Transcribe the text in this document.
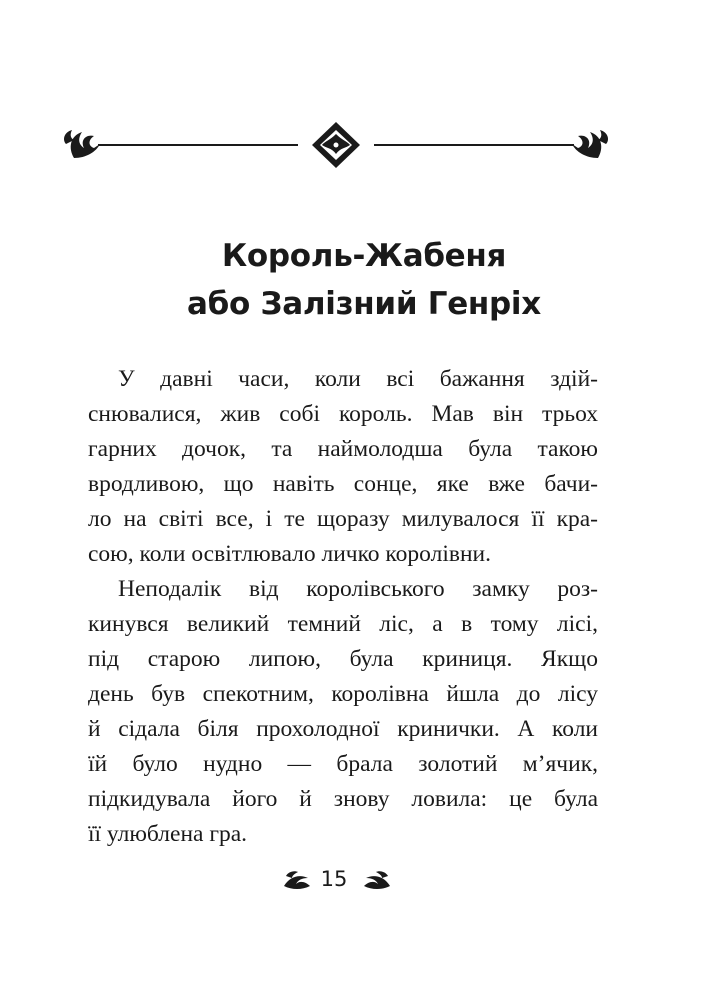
Король-Жабеня
або Залізний Генріх
У давні часи, коли всі бажання здій-
снювалися, жив собі король. Мав він трьох
гарних дочок, та наймолодша була такою
вродливою, що навіть сонце, яке вже бачи-
ло на світі все, і те щоразу милувалося її кра-
сою, коли освітлювало личко королівни.
Неподалік від королівського замку роз-
кинувся великий темний ліс, а в тому лісі,
під старою липою, була криниця. Якщо
день був спекотним, королівна йшла до лісу
й сідала біля прохолодної кринички. А коли
їй було нудно — брала золотий м’ячик,
підкидувала його й знову ловила: це була
її улюблена гра.
15
